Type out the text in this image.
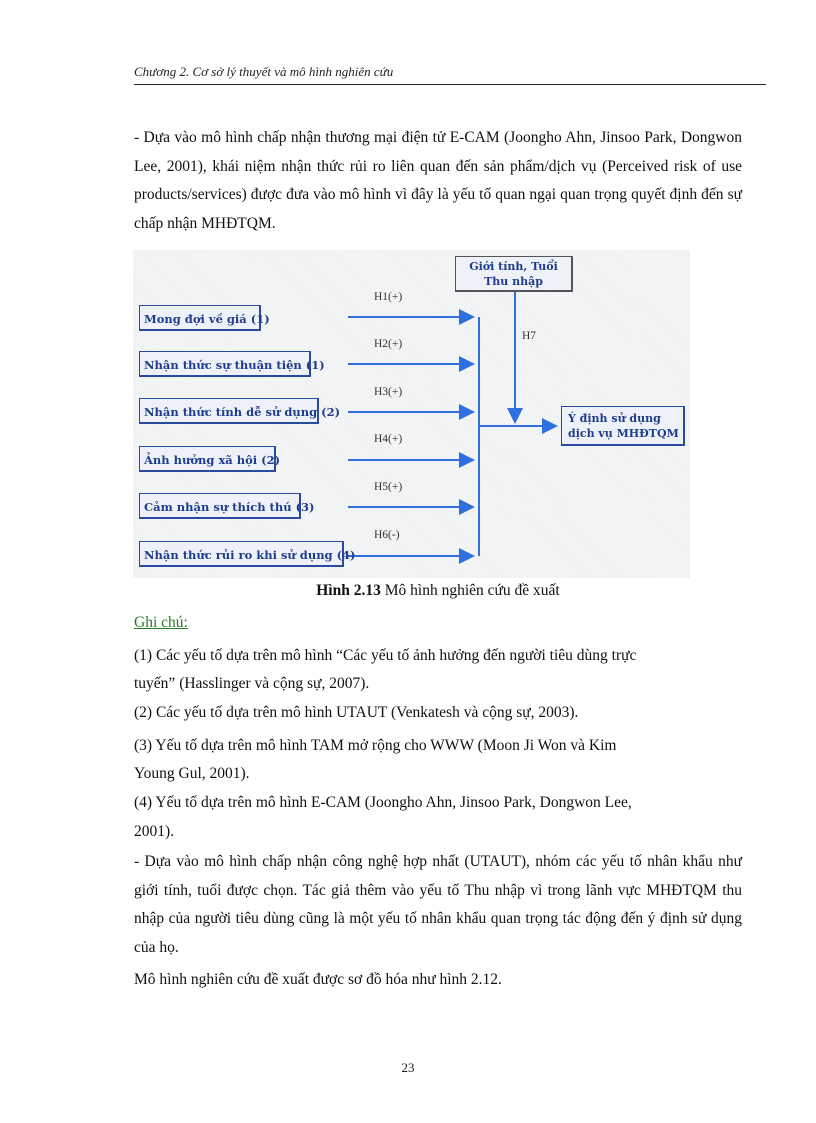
Chương 2. Cơ sở lý thuyết và mô hình nghiên cứu

- Dựa vào mô hình chấp nhận thương mại điện tử E-CAM (Joongho Ahn, Jinsoo Park, Dongwon Lee, 2001), khái niệm nhận thức rủi ro liên quan đến sản phẩm/dịch vụ (Perceived risk of use products/services) được đưa vào mô hình vì đây là yếu tố quan ngại quan trọng quyết định đến sự chấp nhận MHĐTQM.

Mong đợi về giá (1)
Nhận thức sự thuận tiện (1)
Nhận thức tính dễ sử dụng (2)
Ảnh hưởng xã hội (2)
Cảm nhận sự thích thú (3)
Nhận thức rủi ro khi sử dụng (4)
H1(+)
H2(+)
H3(+)
H4(+)
H5(+)
H6(-)
H7
Giới tính, Tuổi
Thu nhập
Ý định sử dụng
dịch vụ MHĐTQM
Hình 2.13 Mô hình nghiên cứu đề xuất
Ghi chú:

(1) Các yếu tố dựa trên mô hình “Các yếu tố ảnh hưởng đến người tiêu dùng trực

tuyến” (Hasslinger và cộng sự, 2007).

(2) Các yếu tố dựa trên mô hình UTAUT (Venkatesh và cộng sự, 2003).

(3) Yếu tố dựa trên mô hình TAM mở rộng cho WWW (Moon Ji Won và Kim

Young Gul, 2001).

(4) Yếu tố dựa trên mô hình E-CAM (Joongho Ahn, Jinsoo Park, Dongwon Lee,

2001).

- Dựa vào mô hình chấp nhận công nghệ hợp nhất (UTAUT), nhóm các yếu tố nhân khẩu như giới tính, tuổi được chọn. Tác giả thêm vào yếu tố Thu nhập vì trong lãnh vực MHĐTQM thu nhập của người tiêu dùng cũng là một yếu tố nhân khẩu quan trọng tác động đến ý định sử dụng của họ.

Mô hình nghiên cứu đề xuất được sơ đồ hóa như hình 2.12.

23
